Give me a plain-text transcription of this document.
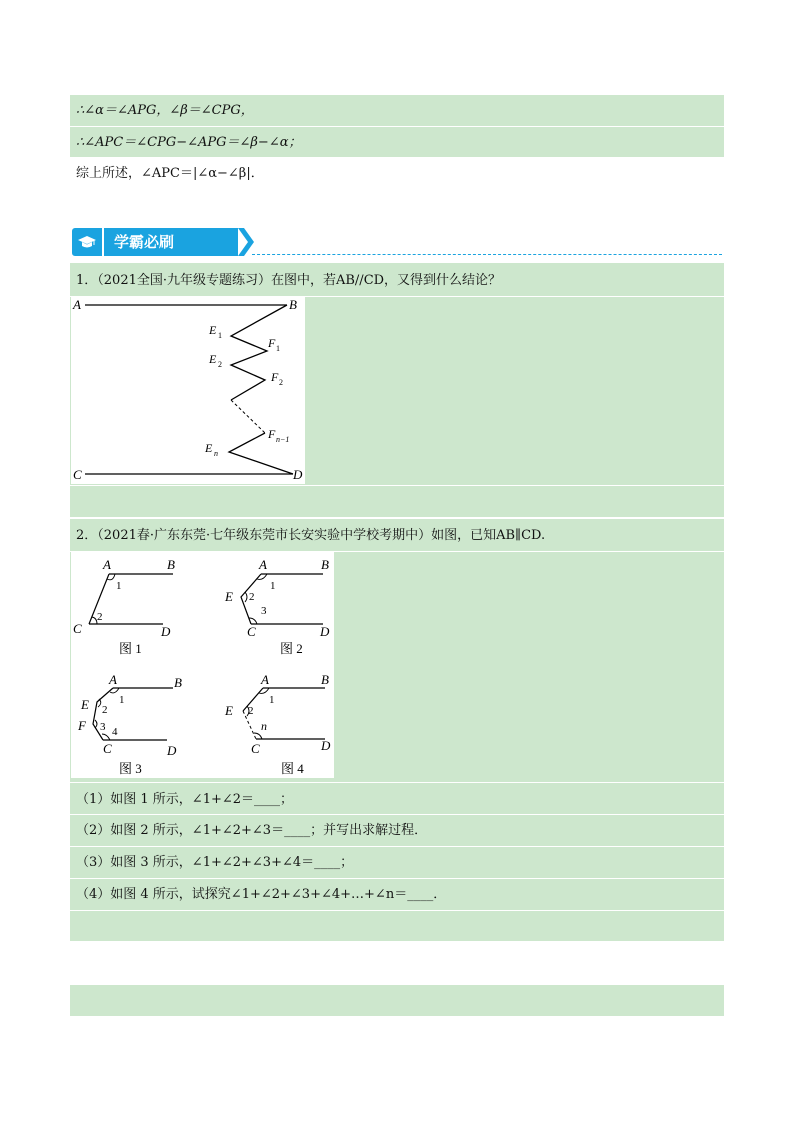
∴∠α＝∠APG，∠β＝∠CPG，
∴∠APC＝∠CPG−∠APG＝∠β−∠α；
综上所述，∠APC＝|∠α−∠β|．
学霸必刷
1．（2021全国·九年级专题练习）在图中，若AB//CD，又得到什么结论？
A	B
C	D
E 1
E 2
F 1
F 2
F n−1
E n
2．（2021春·广东东莞·七年级东莞市长安实验中学校考期中）如图，已知AB∥CD.
A	B
C	D
1
2
图 1
A	B
E
C	D
1
2
3
图 2
A	B
E
F
C	D
1
2
3 4
图 3
A	B
E
C	D
1
2
n
图 4
（1）如图 1 所示，∠1+∠2＝____；
（2）如图 2 所示，∠1+∠2+∠3＝____；并写出求解过程．
（3）如图 3 所示，∠1+∠2+∠3+∠4＝____；
（4）如图 4 所示，试探究∠1+∠2+∠3+∠4+…+∠n＝____．
